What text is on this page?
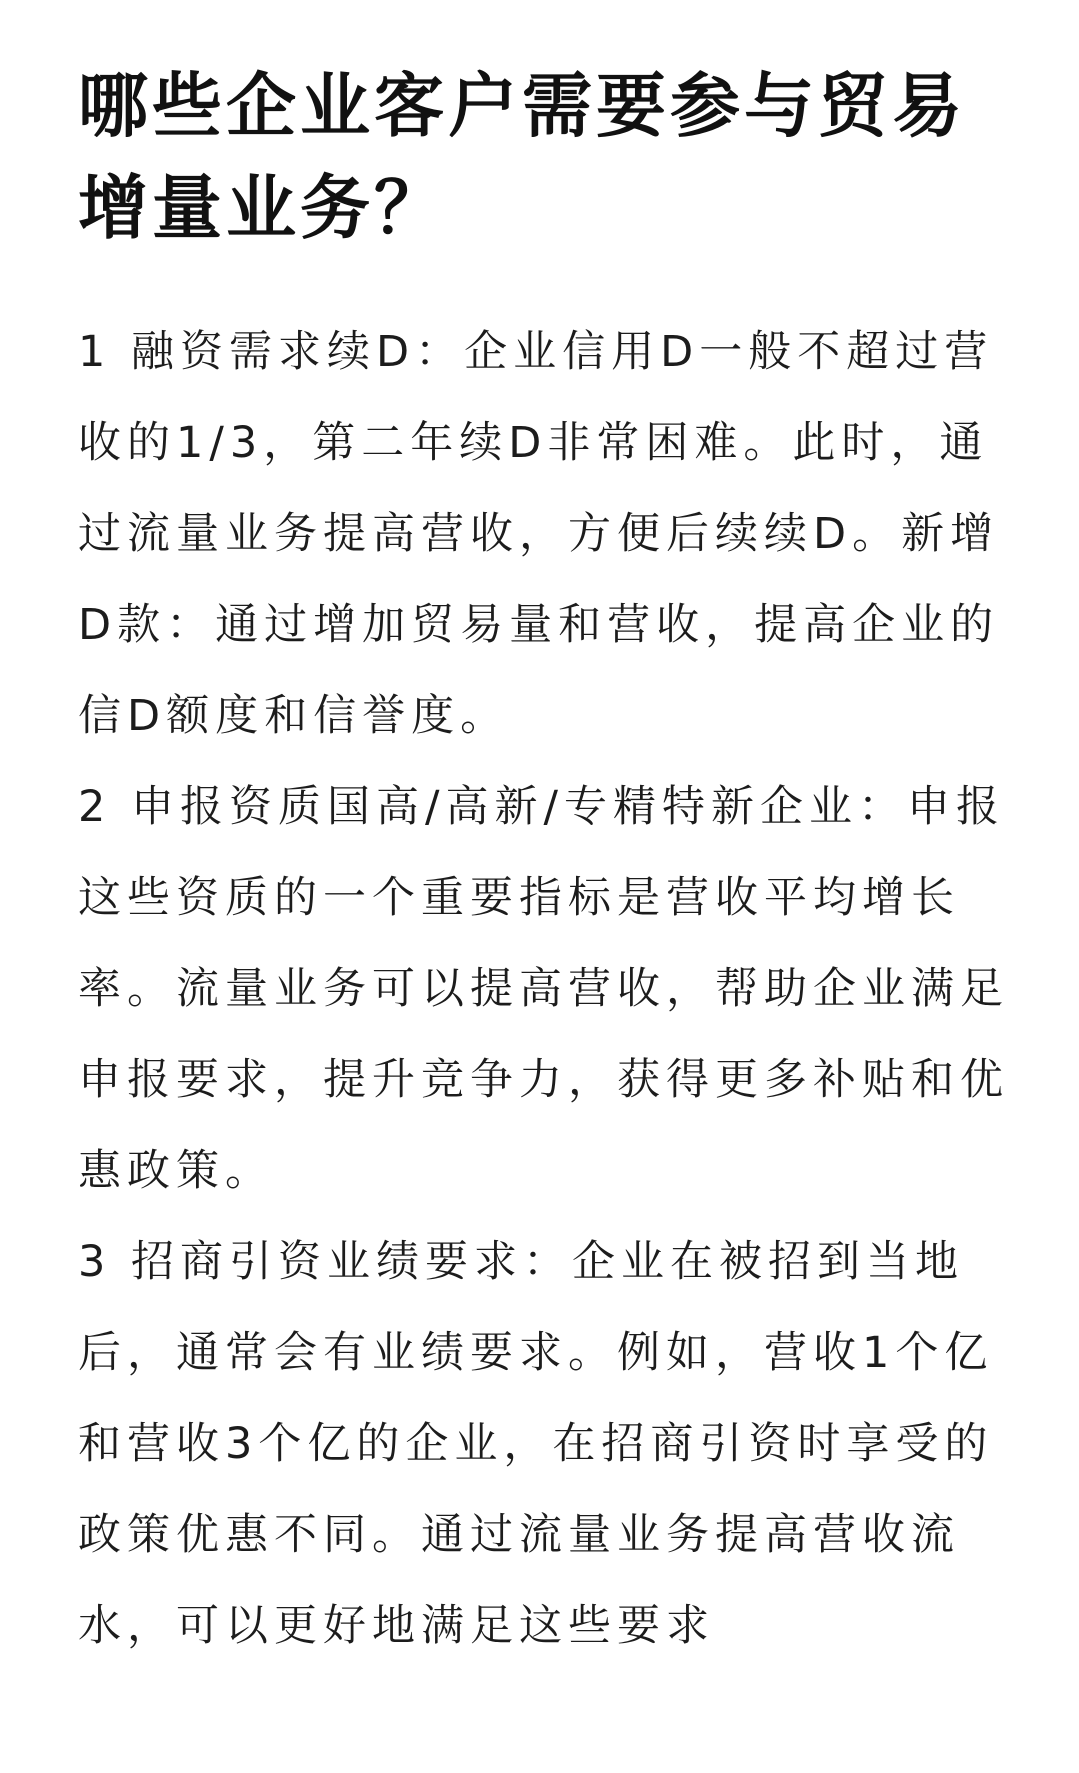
哪些企业客户需要参与贸易增量业务？

1 融资需求续D：企业信用D一般不超过营收的1/3，第二年续D非常困难。此时，通过流量业务提高营收，方便后续续D。新增D款：通过增加贸易量和营收，提高企业的信D额度和信誉度。

2 申报资质国高/高新/专精特新企业：申报这些资质的一个重要指标是营收平均增长率。流量业务可以提高营收，帮助企业满足申报要求，提升竞争力，获得更多补贴和优惠政策。

3 招商引资业绩要求：企业在被招到当地后，通常会有业绩要求。例如，营收1个亿和营收3个亿的企业，在招商引资时享受的政策优惠不同。通过流量业务提高营收流水，可以更好地满足这些要求
